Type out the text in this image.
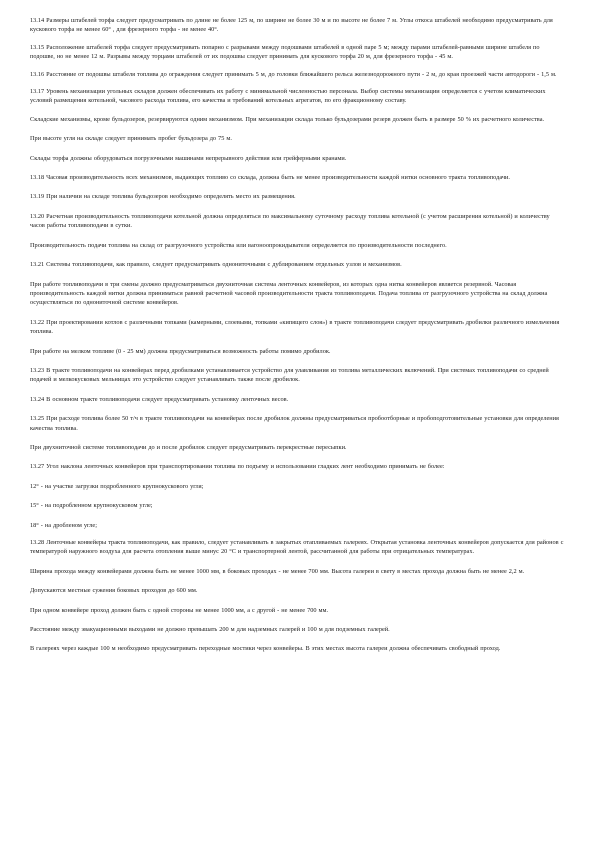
13.14 Размеры штабелей торфа следует предусматривать по длине не более 125 м, по ширине не более 30 м и по высоте не более 7 м. Углы откоса штабелей необходимо предусматривать для кускового торфа не менее 60° , для фрезерного торфа - не менее 40°.

13.15 Расположение штабелей торфа следует предусматривать попарно с разрывами между подошвами штабелей в одной паре 5 м; между парами штабелей-равными ширине штабеля по подошве, но не менее 12 м. Разрывы между торцами штабелей от их подошвы следует принимать для кускового торфа 20 м, для фрезерного торфа - 45 м.

13.16 Расстояние от подошвы штабеля топлива до ограждения следует принимать 5 м, до головки ближайшего рельса железнодорожного пути - 2 м, до края проезжей части автодороги - 1,5 м.

13.17 Уровень механизации угольных складов должен обеспечивать их работу с минимальной численностью персонала. Выбор системы механизации определяется с учетом климатических условий размещения котельной, часового расхода топлива, его качества и требований котельных агрегатов, по его фракционному составу.

Складские механизмы, кроме бульдозеров, резервируются одним механизмом. При механизации склада только бульдозерами резерв должен быть в размере 50 % их расчетного количества.

При высоте угля на складе следует принимать пробег бульдозера до 75 м.

Склады торфа должны оборудоваться погрузочными машинами непрерывного действия или грейферными кранами.

13.18 Часовая производительность всех механизмов, выдающих топливо со склада, должна быть не менее производительности каждой нитки основного тракта топливоподачи.

13.19 При наличии на складе топлива бульдозеров необходимо определять место их размещения.

13.20 Расчетная производительность топливоподачи котельной должна определяться по максимальному суточному расходу топлива котельной (с учетом расширения котельной) и количеству часов работы топливоподачи в сутки.

Производительность подачи топлива на склад от разгрузочного устройства или вагоноопрокидывателя определяется по производительности последнего.

13.21 Системы топливоподачи, как правило, следует предусматривать однониточными с дублированием отдельных узлов и механизмов.

При работе топливоподачи в три смены должно предусматриваться двухниточная система ленточных конвейеров, из которых одна нитка конвейеров является резервной. Часовая производительность каждой нитки должна приниматься равной расчетной часовой производительности тракта топливоподачи. Подача топлива от разгрузочного устройства на склад должна осуществляться по однониточной системе конвейеров.

13.22 При проектировании котлов с различными топками (камерными, слоевыми, топками «кипящего слоя») в тракте топливоподачи следует предусматривать дробилки различного измельчения топлива.

При работе на мелком топливе (0 - 25 мм) должна предусматриваться возможность работы помимо дробилок.

13.23 В тракте топливоподачи на конвейерах перед дробилками устанавливается устройство для улавливания из топлива металлических включений. При системах топливоподачи со средней подачей и мелкокусковых мельницах это устройство следует устанавливать также после дробилок.

13.24 В основном тракте топливоподачи следует предусматривать установку ленточных весов.

13.25 При расходе топлива более 50 т/ч в тракте топливоподачи на конвейерах после дробилок должны предусматриваться пробоотборные и пробоподготовительные установки для определения качества топлива.

При двухниточной системе топливоподачи до и после дробилок следует предусматривать перекрестные пересыпки.

13.27 Угол наклона ленточных конвейеров при транспортировании топлива по подъему и использовании гладких лент необходимо принимать не более:

12° - на участке загрузки подробленного крупнокускового угля;

15° - на подробленном крупнокусковом угле;

18° - на дробленом угле;

13.28 Ленточные конвейеры тракта топливоподачи, как правило, следует устанавливать в закрытых отапливаемых галереях. Открытая установка ленточных конвейеров допускается для районов с температурой наружного воздуха для расчета отопления выше минус 20 °С и транспортерной лентой, рассчитанной для работы при отрицательных температурах.

Ширина прохода между конвейерами должна быть не менее 1000 мм, в боковых проходах - не менее 700 мм. Высота галереи в свету в местах прохода должна быть не менее 2,2 м.

Допускаются местные сужения боковых проходов до 600 мм.

При одном конвейере проход должен быть с одной стороны не менее 1000 мм, а с другой - не менее 700 мм.

Расстояние между эвакуационными выходами не должно превышать 200 м для надземных галерей и 100 м для подземных галерей.

В галереях через каждые 100 м необходимо предусматривать переходные мостики через конвейеры. В этих местах высота галереи должна обеспечивать свободный проход.
